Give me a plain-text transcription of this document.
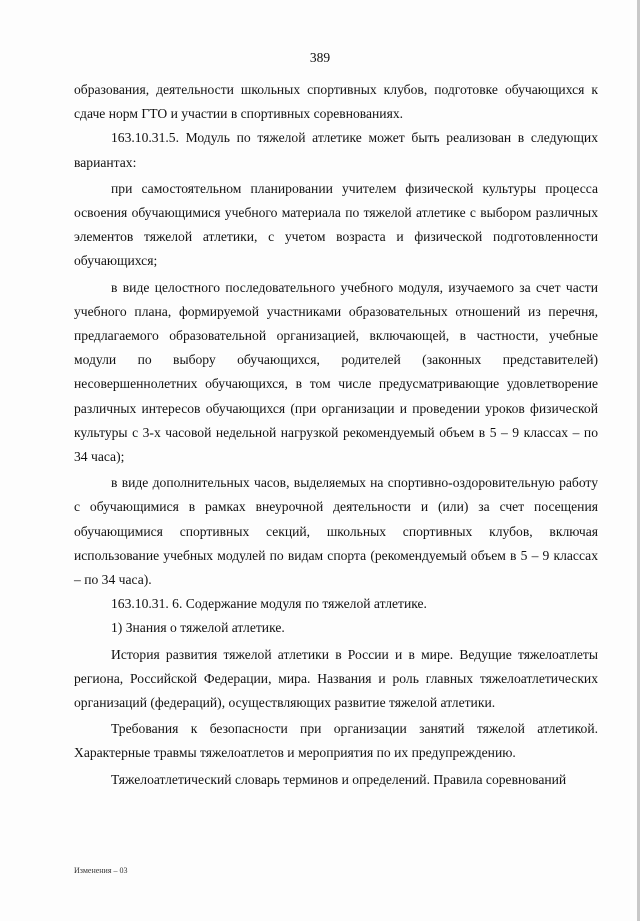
389

образования, деятельности школьных спортивных клубов, подготовке обучающихся к сдаче норм ГТО и участии в спортивных соревнованиях.

163.10.31.5. Модуль по тяжелой атлетике может быть реализован в следующих вариантах:

при самостоятельном планировании учителем физической культуры процесса освоения обучающимися учебного материала по тяжелой атлетике с выбором различных элементов тяжелой атлетики, с учетом возраста и физической подготовленности обучающихся;

в виде целостного последовательного учебного модуля, изучаемого за счет части учебного плана, формируемой участниками образовательных отношений из перечня, предлагаемого образовательной организацией, включающей, в частности, учебные модули по выбору обучающихся, родителей (законных представителей) несовершеннолетних обучающихся, в том числе предусматривающие удовлетворение различных интересов обучающихся (при организации и проведении уроков физической культуры с 3-х часовой недельной нагрузкой рекомендуемый объем в 5 – 9 классах – по 34 часа);

в виде дополнительных часов, выделяемых на спортивно-оздоровительную работу с обучающимися в рамках внеурочной деятельности и (или) за счет посещения обучающимися спортивных секций, школьных спортивных клубов, включая использование учебных модулей по видам спорта (рекомендуемый объем в 5 – 9 классах – по 34 часа).

163.10.31. 6. Содержание модуля по тяжелой атлетике.

1) Знания о тяжелой атлетике.

История развития тяжелой атлетики в России и в мире. Ведущие тяжелоатлеты региона, Российской Федерации, мира. Названия и роль главных тяжелоатлетических организаций (федераций), осуществляющих развитие тяжелой атлетики.

Требования к безопасности при организации занятий тяжелой атлетикой. Характерные травмы тяжелоатлетов и мероприятия по их предупреждению.

Тяжелоатлетический словарь терминов и определений. Правила соревнований

Изменения – 03
